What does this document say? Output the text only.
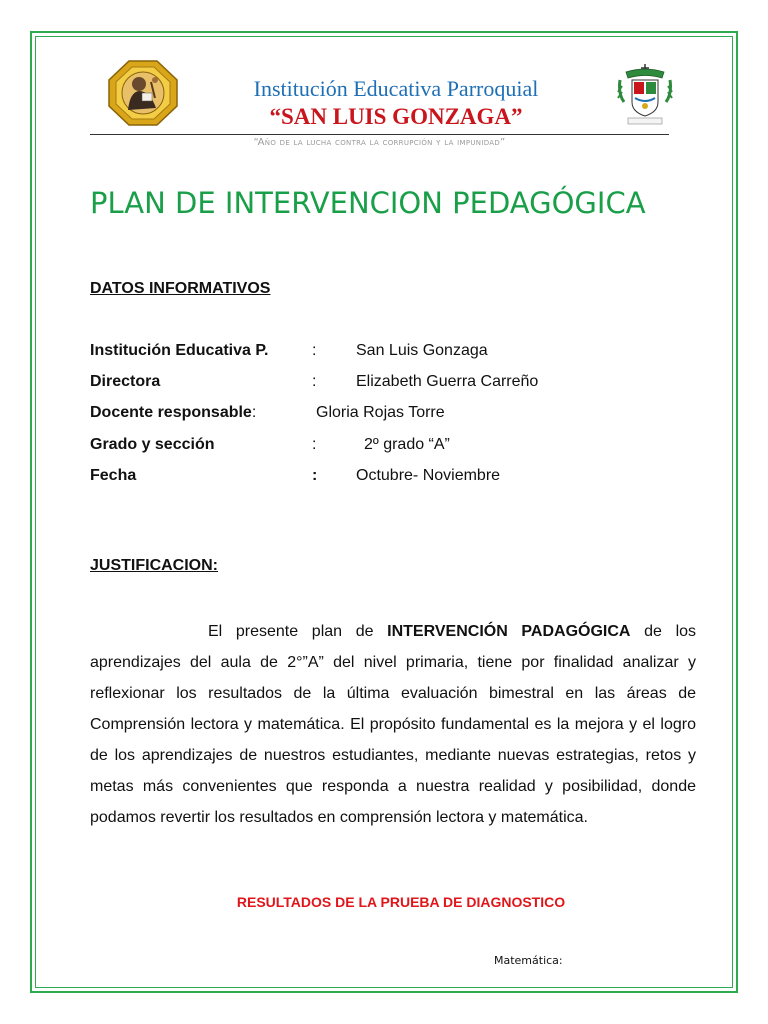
Institución Educativa Parroquial
“SAN LUIS GONZAGA”
“Año de la lucha contra la corrupción y la impunidad”
PLAN DE INTERVENCION PEDAGÓGICA
DATOS INFORMATIVOS
Institución Educativa P.	: San Luis Gonzaga
Directora	: Elizabeth Guerra Carreño
Docente responsable:	Gloria Rojas Torre
Grado y sección	:	2º grado “A”
Fecha	: Octubre- Noviembre
JUSTIFICACION:
El presente plan de INTERVENCIÓN PADAGÓGICA de los aprendizajes del aula de 2°”A” del nivel primaria, tiene por finalidad analizar y reflexionar los resultados de la última evaluación bimestral en las áreas de Comprensión lectora y matemática. El propósito fundamental es la mejora y el logro de los aprendizajes de nuestros estudiantes, mediante nuevas estrategias, retos y metas más convenientes que responda a nuestra realidad y posibilidad, donde podamos revertir los resultados en comprensión lectora y matemática.
RESULTADOS DE LA PRUEBA DE DIAGNOSTICO
Matemática:
